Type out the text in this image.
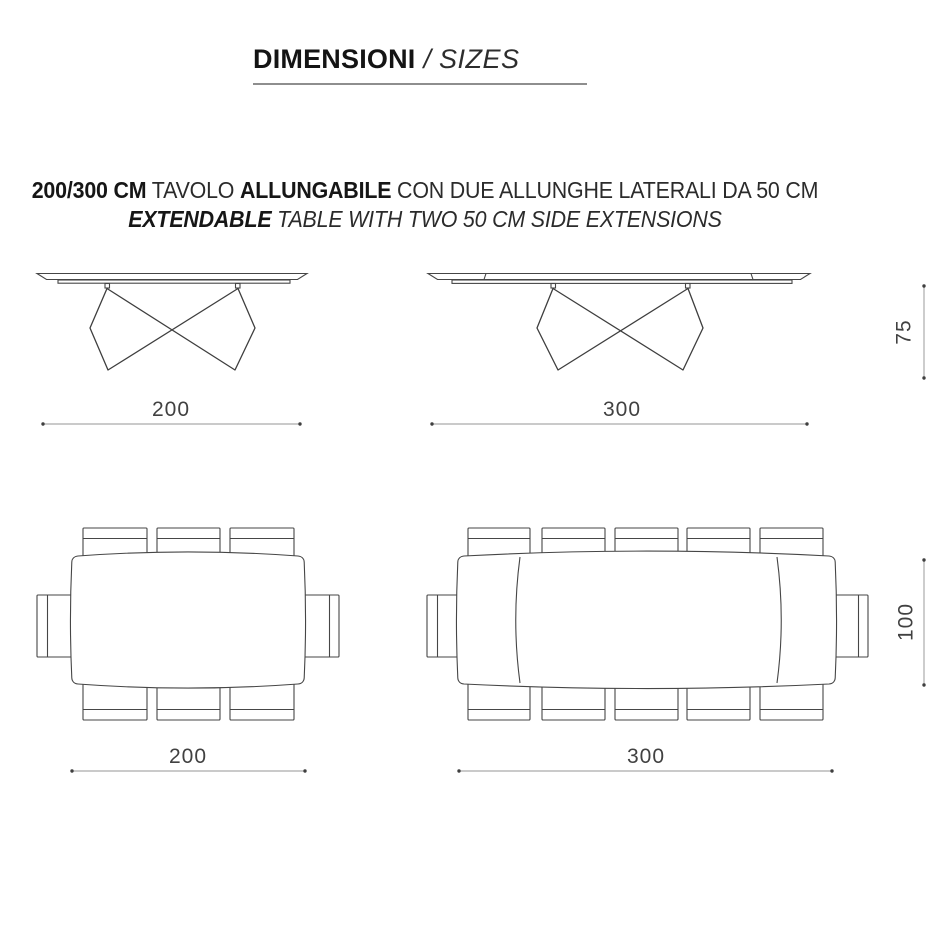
DIMENSIONI / SIZES

200/300 CM TAVOLO ALLUNGABILE CON DUE ALLUNGHE LATERALI DA 50 CM

EXTENDABLE TABLE WITH TWO 50 CM SIDE EXTENSIONS

200	300
75
200	300
100
